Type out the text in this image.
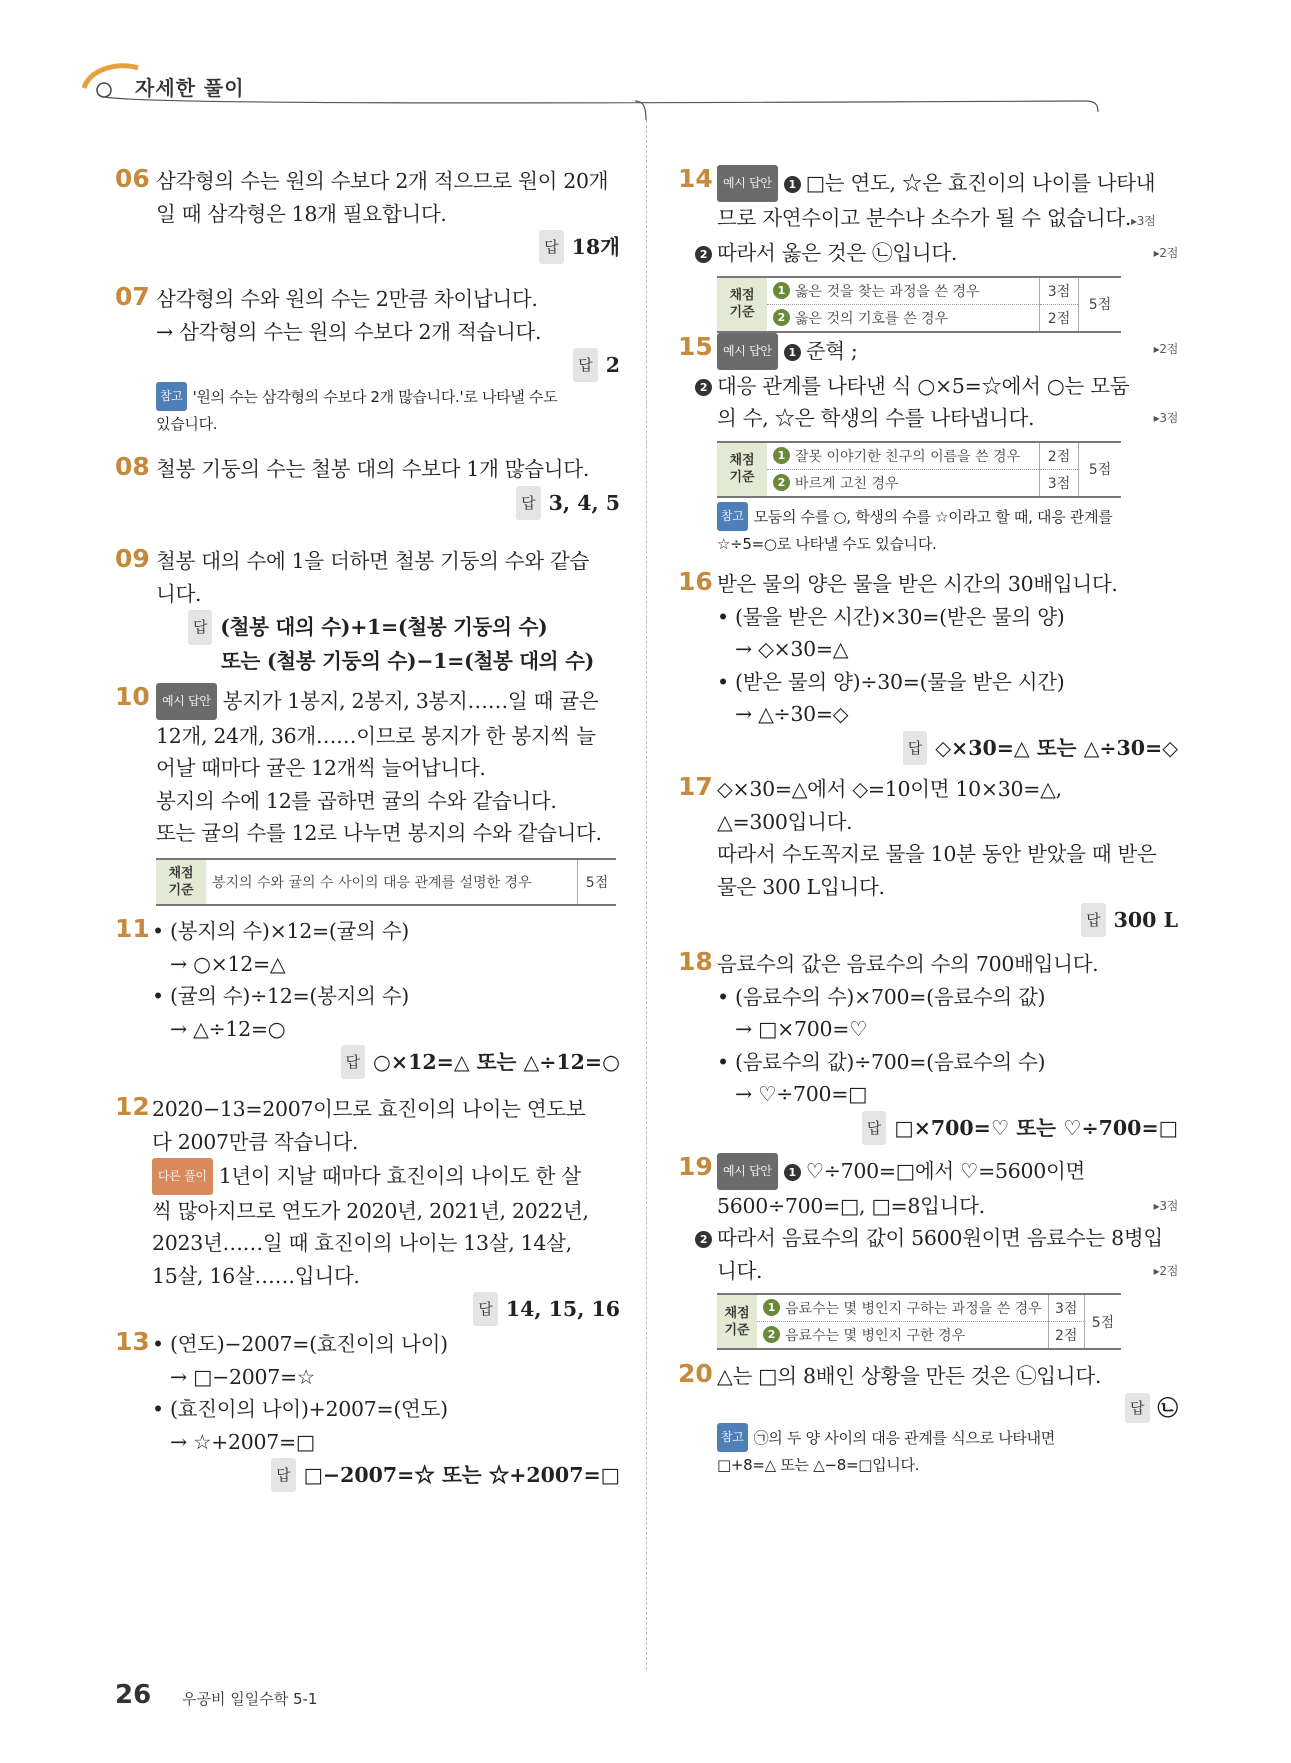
자세한 풀이
06 삼각형의 수는 원의 수보다 2개 적으므로 원이 20개
일 때 삼각형은 18개 필요합니다.
답 18개
07 삼각형의 수와 원의 수는 2만큼 차이납니다.
→ 삼각형의 수는 원의 수보다 2개 적습니다.
답 2
참고 '원의 수는 삼각형의 수보다 2개 많습니다.'로 나타낼 수도
있습니다.
08 철봉 기둥의 수는 철봉 대의 수보다 1개 많습니다.
답 3, 4, 5
09 철봉 대의 수에 1을 더하면 철봉 기둥의 수와 같습
니다.
답 (철봉 대의 수)+1=(철봉 기둥의 수)
또는 (철봉 기둥의 수)−1=(철봉 대의 수)
10	예시 답안 봉지가 1봉지, 2봉지, 3봉지……일 때 귤은
12개, 24개, 36개……이므로 봉지가 한 봉지씩 늘
어날 때마다 귤은 12개씩 늘어납니다.
봉지의 수에 12를 곱하면 귤의 수와 같습니다.
또는 귤의 수를 12로 나누면 봉지의 수와 같습니다.
채점
기준	봉지의 수와 귤의 수 사이의 대응 관계를 설명한 경우	5점
11 • (봉지의 수)×12=(귤의 수)
→ ○×12=△
• (귤의 수)÷12=(봉지의 수)
→ △÷12=○
답 ○×12=△ 또는 △÷12=○
12 2020−13=2007이므로 효진이의 나이는 연도보
다 2007만큼 작습니다.
다른 풀이 1년이 지날 때마다 효진이의 나이도 한 살
씩 많아지므로 연도가 2020년, 2021년, 2022년,
2023년……일 때 효진이의 나이는 13살, 14살,
15살, 16살……입니다.
답 14, 15, 16
13 • (연도)−2007=(효진이의 나이)
→ □−2007=☆
• (효진이의 나이)+2007=(연도)
→ ☆+2007=□
답 □−2007=☆ 또는 ☆+2007=□
14 예시 답안 1 □는 연도, ☆은 효진이의 나이를 나타내
므로 자연수이고 분수나 소수가 될 수 없습니다.▸3점
2 따라서 옳은 것은 ㉡입니다.	▸2점
채점
기준	1 옳은 것을 찾는 과정을 쓴 경우	3점	5점
	2 옳은 것의 기호를 쓴 경우	2점	
15 예시 답안 1 준혁 ;	▸2점
2 대응 관계를 나타낸 식 ○×5=☆에서 ○는 모둠
의 수, ☆은 학생의 수를 나타냅니다.	▸3점
채점
기준	1 잘못 이야기한 친구의 이름을 쓴 경우	2점	5점
	2 바르게 고친 경우	3점	
참고 모둠의 수를 ○, 학생의 수를 ☆이라고 할 때, 대응 관계를
☆÷5=○로 나타낼 수도 있습니다.
16 받은 물의 양은 물을 받은 시간의 30배입니다.
• (물을 받은 시간)×30=(받은 물의 양)
→ ◇×30=△
• (받은 물의 양)÷30=(물을 받은 시간)
→ △÷30=◇
답 ◇×30=△ 또는 △÷30=◇
17 ◇×30=△에서 ◇=10이면 10×30=△,
△=300입니다.
따라서 수도꼭지로 물을 10분 동안 받았을 때 받은
물은 300 L입니다.
답 300 L
18 음료수의 값은 음료수의 수의 700배입니다.
• (음료수의 수)×700=(음료수의 값)
→ □×700=♡
• (음료수의 값)÷700=(음료수의 수)
→ ♡÷700=□
답 □×700=♡ 또는 ♡÷700=□
19 예시 답안 1 ♡÷700=□에서 ♡=5600이면
5600÷700=□, □=8입니다.	▸3점
2 따라서 음료수의 값이 5600원이면 음료수는 8병입
니다.	▸2점
채점
기준	1 음료수는 몇 병인지 구하는 과정을 쓴 경우	3점	5점
	2 음료수는 몇 병인지 구한 경우	2점	
20 △는 □의 8배인 상황을 만든 것은 ㉡입니다.
답 ㉡
참고 ㉠의 두 양 사이의 대응 관계를 식으로 나타내면
□+8=△ 또는 △−8=□입니다.
26 우공비 일일수학 5-1
